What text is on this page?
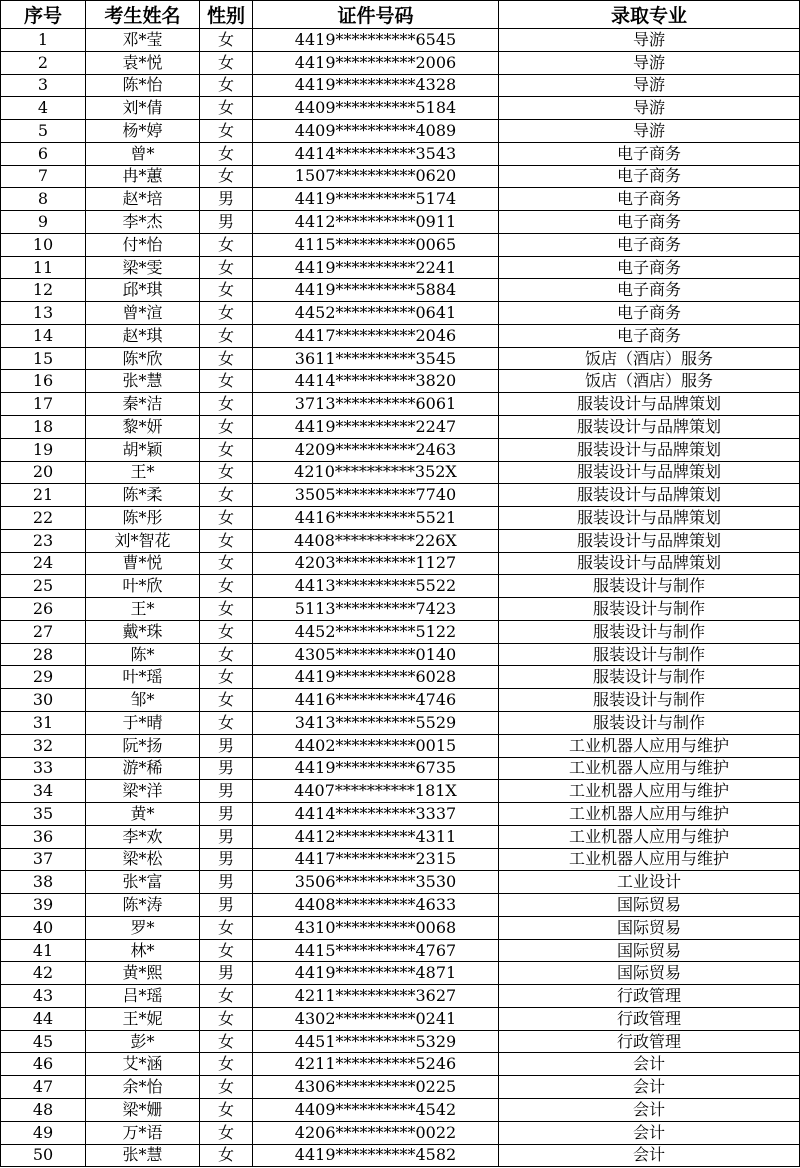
序号	考生姓名	性别	证件号码	录取专业
1	邓*莹	女	4419**********6545	导游
2	袁*悦	女	4419**********2006	导游
3	陈*怡	女	4419**********4328	导游
4	刘*倩	女	4409**********5184	导游
5	杨*婷	女	4409**********4089	导游
6	曾*	女	4414**********3543	电子商务
7	冉*蕙	女	1507**********0620	电子商务
8	赵*培	男	4419**********5174	电子商务
9	李*杰	男	4412**********0911	电子商务
10	付*怡	女	4115**********0065	电子商务
11	梁*雯	女	4419**********2241	电子商务
12	邱*琪	女	4419**********5884	电子商务
13	曾*渲	女	4452**********0641	电子商务
14	赵*琪	女	4417**********2046	电子商务
15	陈*欣	女	3611**********3545	饭店（酒店）服务
16	张*慧	女	4414**********3820	饭店（酒店）服务
17	秦*洁	女	3713**********6061	服装设计与品牌策划
18	黎*妍	女	4419**********2247	服装设计与品牌策划
19	胡*颖	女	4209**********2463	服装设计与品牌策划
20	王*	女	4210**********352X	服装设计与品牌策划
21	陈*柔	女	3505**********7740	服装设计与品牌策划
22	陈*彤	女	4416**********5521	服装设计与品牌策划
23	刘*智花	女	4408**********226X	服装设计与品牌策划
24	曹*悦	女	4203**********1127	服装设计与品牌策划
25	叶*欣	女	4413**********5522	服装设计与制作
26	王*	女	5113**********7423	服装设计与制作
27	戴*珠	女	4452**********5122	服装设计与制作
28	陈*	女	4305**********0140	服装设计与制作
29	叶*瑶	女	4419**********6028	服装设计与制作
30	邹*	女	4416**********4746	服装设计与制作
31	于*晴	女	3413**********5529	服装设计与制作
32	阮*扬	男	4402**********0015	工业机器人应用与维护
33	游*稀	男	4419**********6735	工业机器人应用与维护
34	梁*洋	男	4407**********181X	工业机器人应用与维护
35	黄*	男	4414**********3337	工业机器人应用与维护
36	李*欢	男	4412**********4311	工业机器人应用与维护
37	梁*松	男	4417**********2315	工业机器人应用与维护
38	张*富	男	3506**********3530	工业设计
39	陈*涛	男	4408**********4633	国际贸易
40	罗*	女	4310**********0068	国际贸易
41	林*	女	4415**********4767	国际贸易
42	黄*熙	男	4419**********4871	国际贸易
43	吕*瑶	女	4211**********3627	行政管理
44	王*妮	女	4302**********0241	行政管理
45	彭*	女	4451**********5329	行政管理
46	艾*涵	女	4211**********5246	会计
47	余*怡	女	4306**********0225	会计
48	梁*姗	女	4409**********4542	会计
49	万*语	女	4206**********0022	会计
50	张*慧	女	4419**********4582	会计
